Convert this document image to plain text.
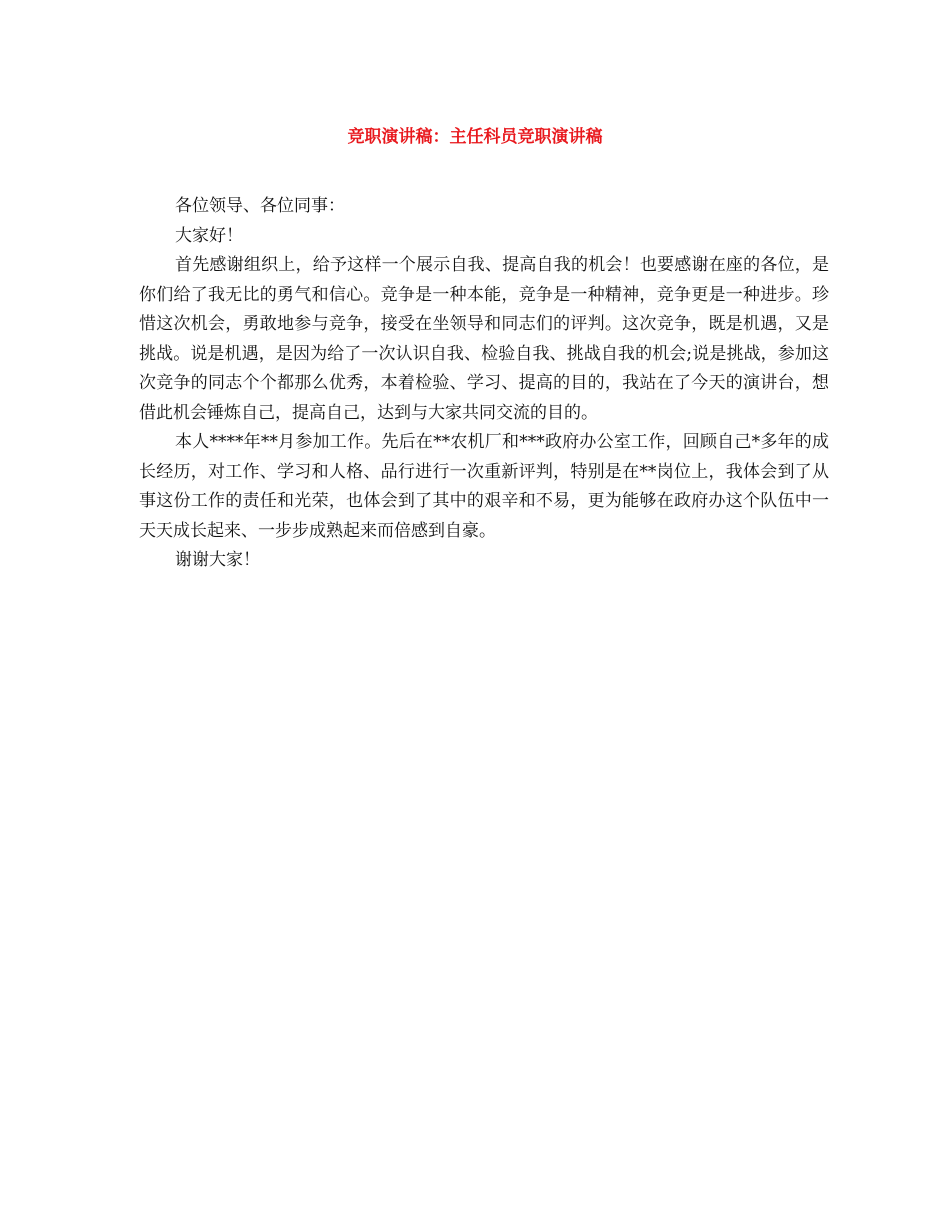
竞职演讲稿：主任科员竞职演讲稿

各位领导、各位同事：

大家好！

首先感谢组织上，给予这样一个展示自我、提高自我的机会！也要感谢在座的各位，是你们给了我无比的勇气和信心。竞争是一种本能，竞争是一种精神，竞争更是一种进步。珍惜这次机会，勇敢地参与竞争，接受在坐领导和同志们的评判。这次竞争，既是机遇，又是挑战。说是机遇，是因为给了一次认识自我、检验自我、挑战自我的机会;说是挑战，参加这次竞争的同志个个都那么优秀，本着检验、学习、提高的目的，我站在了今天的演讲台，想借此机会锤炼自己，提高自己，达到与大家共同交流的目的。

本人****年**月参加工作。先后在**农机厂和***政府办公室工作，回顾自己*多年的成长经历，对工作、学习和人格、品行进行一次重新评判，特别是在**岗位上，我体会到了从事这份工作的责任和光荣，也体会到了其中的艰辛和不易，更为能够在政府办这个队伍中一天天成长起来、一步步成熟起来而倍感到自豪。

谢谢大家！
